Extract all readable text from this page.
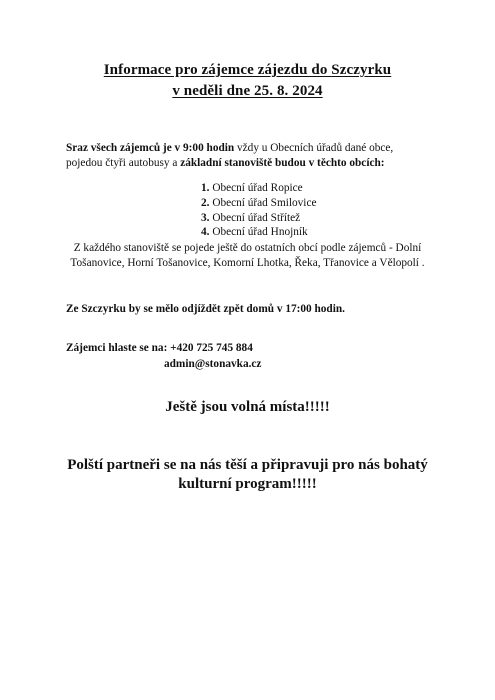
Informace pro zájemce zájezdu do Szczyrku
v neděli dne 25. 8. 2024
Sraz všech zájemců je v 9:00 hodin vždy u Obecních úřadů dané obce,
pojedou čtyři autobusy a základní stanoviště budou v těchto obcích:
1. Obecní úřad Ropice
2. Obecní úřad Smilovice
3. Obecní úřad Střítež
4. Obecní úřad Hnojník
Z každého stanoviště se pojede ještě do ostatních obcí podle zájemců - Dolní
Tošanovice, Horní Tošanovice, Komorní Lhotka, Řeka, Třanovice a Vělopolí .
Ze Szczyrku by se mělo odjíždět zpět domů v 17:00 hodin.
Zájemci hlaste se na: +420 725 745 884
admin@stonavka.cz
Ještě jsou volná místa!!!!!
Polští partneři se na nás těší a připravuji pro nás bohatý
kulturní program!!!!!
